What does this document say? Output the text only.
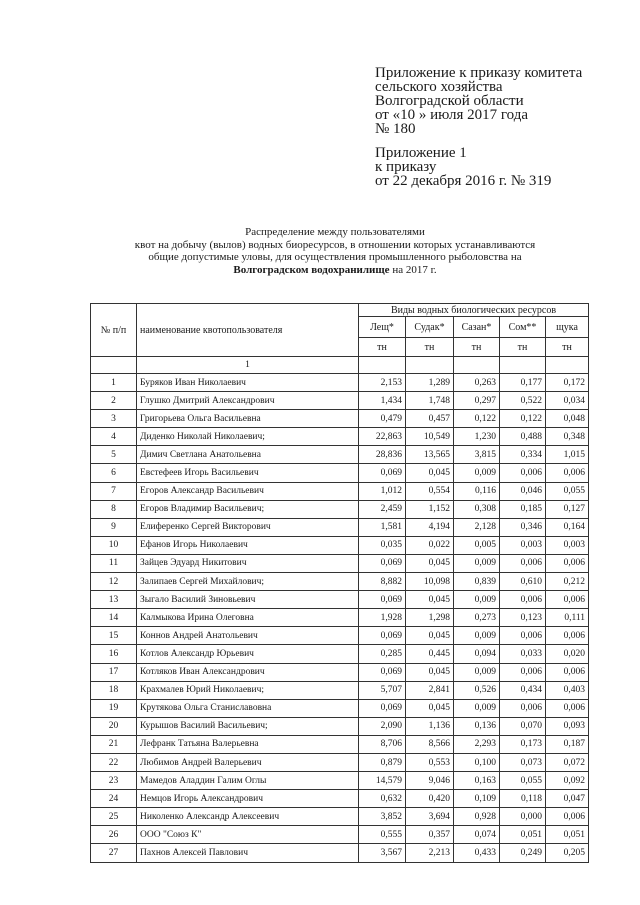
Приложение к приказу комитета
сельского хозяйства
Волгоградской области
от «10 » июля 2017 года
№ 180
Приложение 1
к приказу
от 22 декабря 2016 г. № 319
Распределение между пользователями
квот на добычу (вылов) водных биоресурсов, в отношении которых устанавливаются
общие допустимые уловы, для осуществления промышленного рыболовства на
Волгоградском водохранилище на 2017 г.
№ п/п	наименование квотопользователя	Виды водных биологических ресурсов				
		Лещ*	Судак*	Сазан*	Сом**	щука
		тн	тн	тн	тн	тн
	1					
1	Буряков Иван Николаевич	2,153	1,289	0,263	0,177	0,172
2	Глушко Дмитрий Александрович	1,434	1,748	0,297	0,522	0,034
3	Григорьева Ольга Васильевна	0,479	0,457	0,122	0,122	0,048
4	Диденко Николай Николаевич;	22,863	10,549	1,230	0,488	0,348
5	Димич Светлана Анатольевна	28,836	13,565	3,815	0,334	1,015
6	Евстефеев Игорь Васильевич	0,069	0,045	0,009	0,006	0,006
7	Егоров Александр Васильевич	1,012	0,554	0,116	0,046	0,055
8	Егоров Владимир Васильевич;	2,459	1,152	0,308	0,185	0,127
9	Елиференко Сергей Викторович	1,581	4,194	2,128	0,346	0,164
10	Ефанов Игорь Николаевич	0,035	0,022	0,005	0,003	0,003
11	Зайцев Эдуард Никитович	0,069	0,045	0,009	0,006	0,006
12	Залипаев Сергей Михайлович;	8,882	10,098	0,839	0,610	0,212
13	Зыгало Василий Зиновьевич	0,069	0,045	0,009	0,006	0,006
14	Калмыкова Ирина Олеговна	1,928	1,298	0,273	0,123	0,111
15	Коннов Андрей Анатольевич	0,069	0,045	0,009	0,006	0,006
16	Котлов Александр Юрьевич	0,285	0,445	0,094	0,033	0,020
17	Котляков Иван Александрович	0,069	0,045	0,009	0,006	0,006
18	Крахмалев Юрий Николаевич;	5,707	2,841	0,526	0,434	0,403
19	Крутякова Ольга Станиславовна	0,069	0,045	0,009	0,006	0,006
20	Курышов Василий Васильевич;	2,090	1,136	0,136	0,070	0,093
21	Лефранк Татьяна Валерьевна	8,706	8,566	2,293	0,173	0,187
22	Любимов Андрей Валерьевич	0,879	0,553	0,100	0,073	0,072
23	Мамедов Аладдин Галим Оглы	14,579	9,046	0,163	0,055	0,092
24	Немцов Игорь Александрович	0,632	0,420	0,109	0,118	0,047
25	Николенко Александр Алексеевич	3,852	3,694	0,928	0,000	0,006
26	ООО "Союз К"	0,555	0,357	0,074	0,051	0,051
27	Пахнов Алексей Павлович	3,567	2,213	0,433	0,249	0,205
